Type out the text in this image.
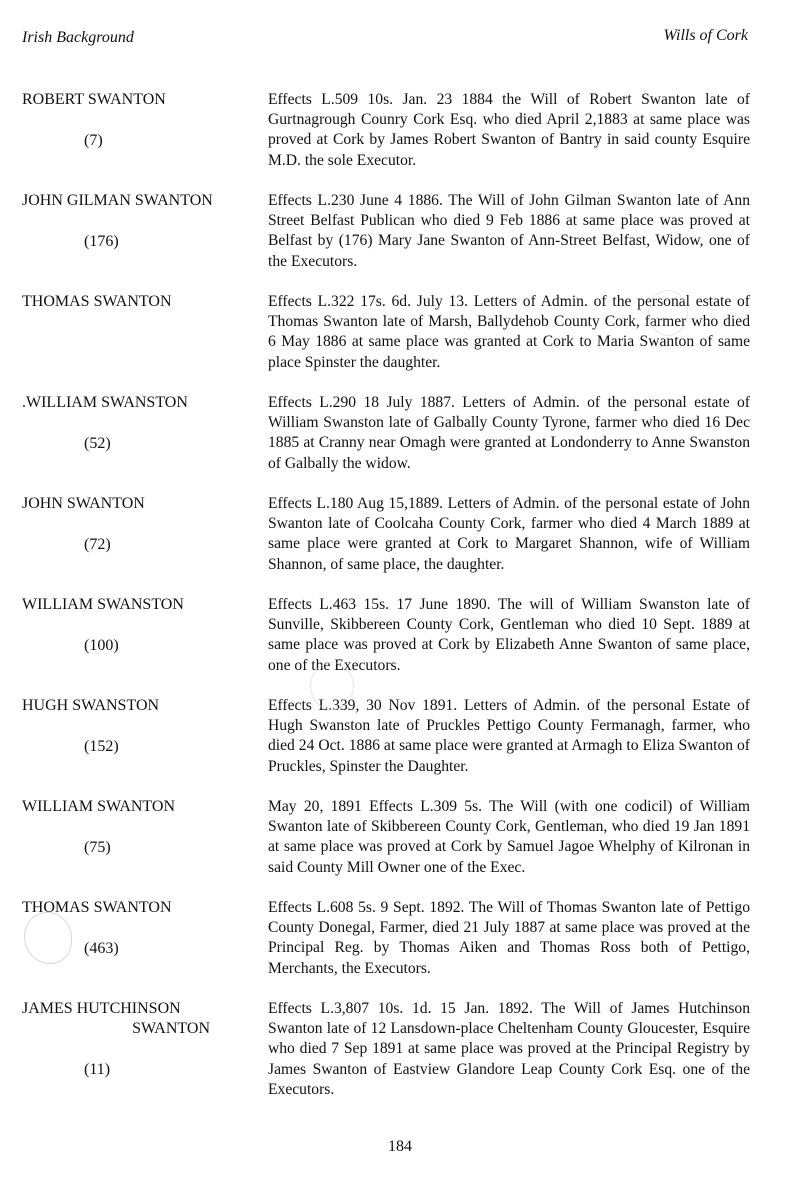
Irish Background	Wills of Cork
ROBERT SWANTON
(7)
Effects L.509 10s. Jan. 23 1884 the Will of Robert Swanton late of Gurtnagrough Counry Cork Esq. who died April 2,1883 at same place was proved at Cork by James Robert Swanton of Bantry in said county Esquire M.D. the sole Executor.
JOHN GILMAN SWANTON
(176)
Effects L.230 June 4 1886. The Will of John Gilman Swanton late of Ann Street Belfast Publican who died 9 Feb 1886 at same place was proved at Belfast by (176) Mary Jane Swanton of Ann-Street Belfast, Widow, one of the Executors.
THOMAS SWANTON	Effects L.322 17s. 6d. July 13. Letters of Admin. of the personal estate of Thomas Swanton late of Marsh, Ballydehob County Cork, farmer who died 6 May 1886 at same place was granted at Cork to Maria Swanton of same place Spinster the daughter.
.WILLIAM SWANSTON
(52)
Effects L.290 18 July 1887. Letters of Admin. of the personal estate of William Swanston late of Galbally County Tyrone, farmer who died 16 Dec 1885 at Cranny near Omagh were granted at Londonderry to Anne Swanston of Galbally the widow.
JOHN SWANTON
(72)
Effects L.180 Aug 15,1889. Letters of Admin. of the personal estate of John Swanton late of Coolcaha County Cork, farmer who died 4 March 1889 at same place were granted at Cork to Margaret Shannon, wife of William Shannon, of same place, the daughter.
WILLIAM SWANSTON
(100)
Effects L.463 15s. 17 June 1890. The will of William Swanston late of Sunville, Skibbereen County Cork, Gentleman who died 10 Sept. 1889 at same place was proved at Cork by Elizabeth Anne Swanton of same place, one of the Executors.
HUGH SWANSTON
(152)
Effects L.339, 30 Nov 1891. Letters of Admin. of the personal Estate of Hugh Swanston late of Pruckles Pettigo County Fermanagh, farmer, who died 24 Oct. 1886 at same place were granted at Armagh to Eliza Swanton of Pruckles, Spinster the Daughter.
WILLIAM SWANTON
(75)
May 20, 1891 Effects L.309 5s. The Will (with one codicil) of William Swanton late of Skibbereen County Cork, Gentleman, who died 19 Jan 1891 at same place was proved at Cork by Samuel Jagoe Whelphy of Kilronan in said County Mill Owner one of the Exec.
THOMAS SWANTON
(463)
Effects L.608 5s. 9 Sept. 1892. The Will of Thomas Swanton late of Pettigo County Donegal, Farmer, died 21 July 1887 at same place was proved at the Principal Reg. by Thomas Aiken and Thomas Ross both of Pettigo, Merchants, the Executors.
JAMES HUTCHINSON
SWANTON
(11)
Effects L.3,807 10s. 1d. 15 Jan. 1892. The Will of James Hutchinson Swanton late of 12 Lansdown-place Cheltenham County Gloucester, Esquire who died 7 Sep 1891 at same place was proved at the Principal Registry by James Swanton of Eastview Glandore Leap County Cork Esq. one of the Executors.
184
